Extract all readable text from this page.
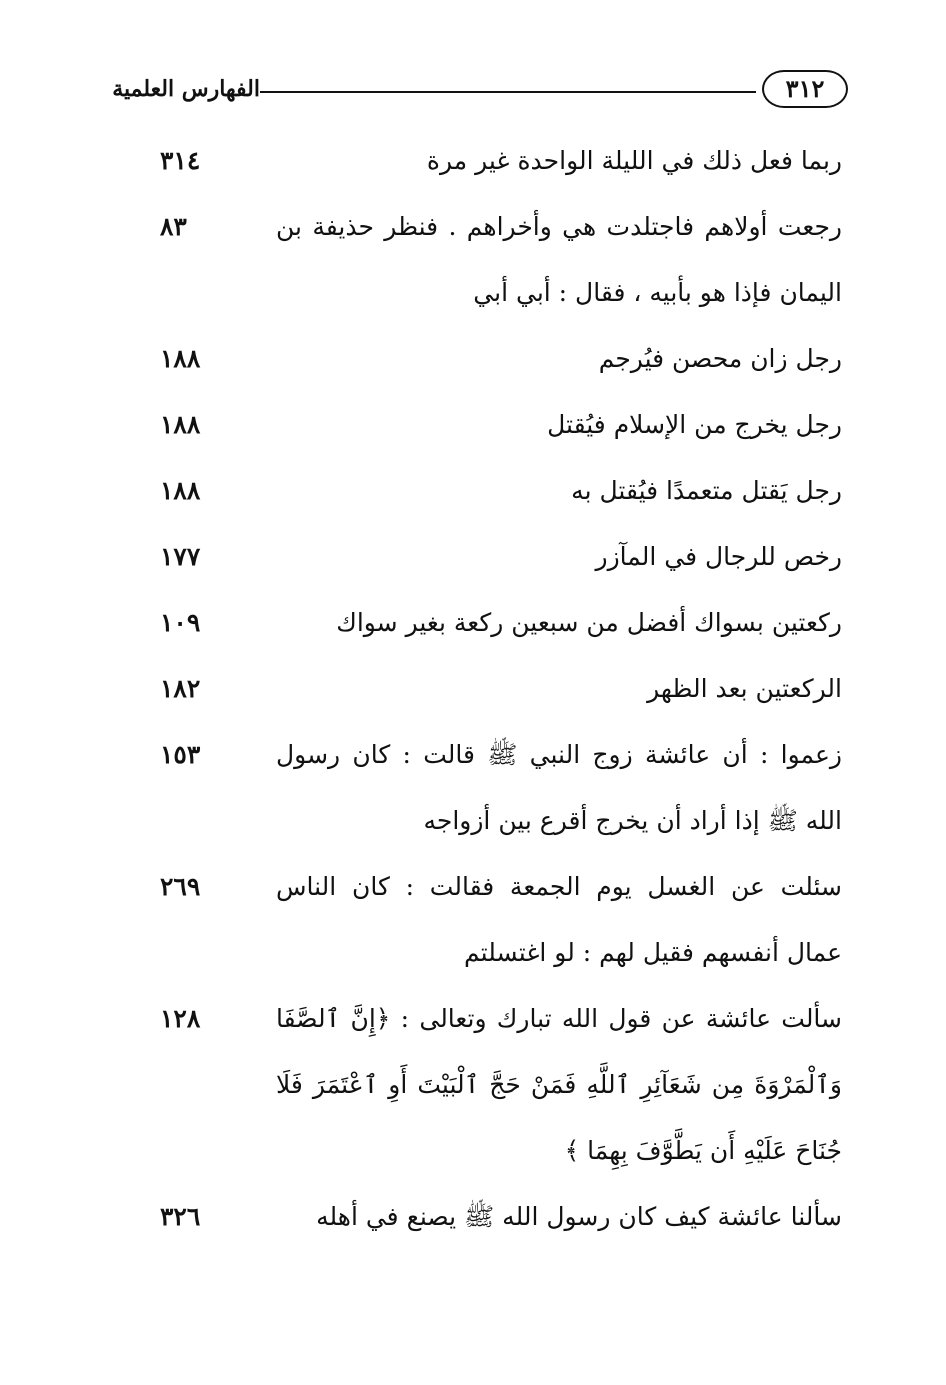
٣١٢
الفهارس العلمية
ربما فعل ذلك في الليلة الواحدة غير مرة
٣١٤
رجعت أولاهم فاجتلدت هي وأخراهم . فنظر حذيفة بن اليمان فإذا هو بأبيه ، فقال : أبي أبي
٨٣
رجل زان محصن فيُرجم
١٨٨
رجل يخرج من الإسلام فيُقتل
١٨٨
رجل يَقتل متعمدًا فيُقتل به
١٨٨
رخص للرجال في المآزر
١٧٧
ركعتين بسواك أفضل من سبعين ركعة بغير سواك
١٠٩
الركعتين بعد الظهر
١٨٢
زعموا : أن عائشة زوج النبي ﷺ قالت : كان رسول الله ﷺ إذا أراد أن يخرج أقرع بين أزواجه
١٥٣
سئلت عن الغسل يوم الجمعة فقالت : كان الناس عمال أنفسهم فقيل لهم : لو اغتسلتم
٢٦٩
سألت عائشة عن قول الله تبارك وتعالى : ﴿إِنَّ ٱلصَّفَا وَٱلْمَرْوَةَ مِن شَعَآئِرِ ٱللَّهِ فَمَنْ حَجَّ ٱلْبَيْتَ أَوِ ٱعْتَمَرَ فَلَا جُنَاحَ عَلَيْهِ أَن يَطَّوَّفَ بِهِمَا ﴾
١٢٨
سألنا عائشة كيف كان رسول الله ﷺ يصنع في أهله
٣٢٦
